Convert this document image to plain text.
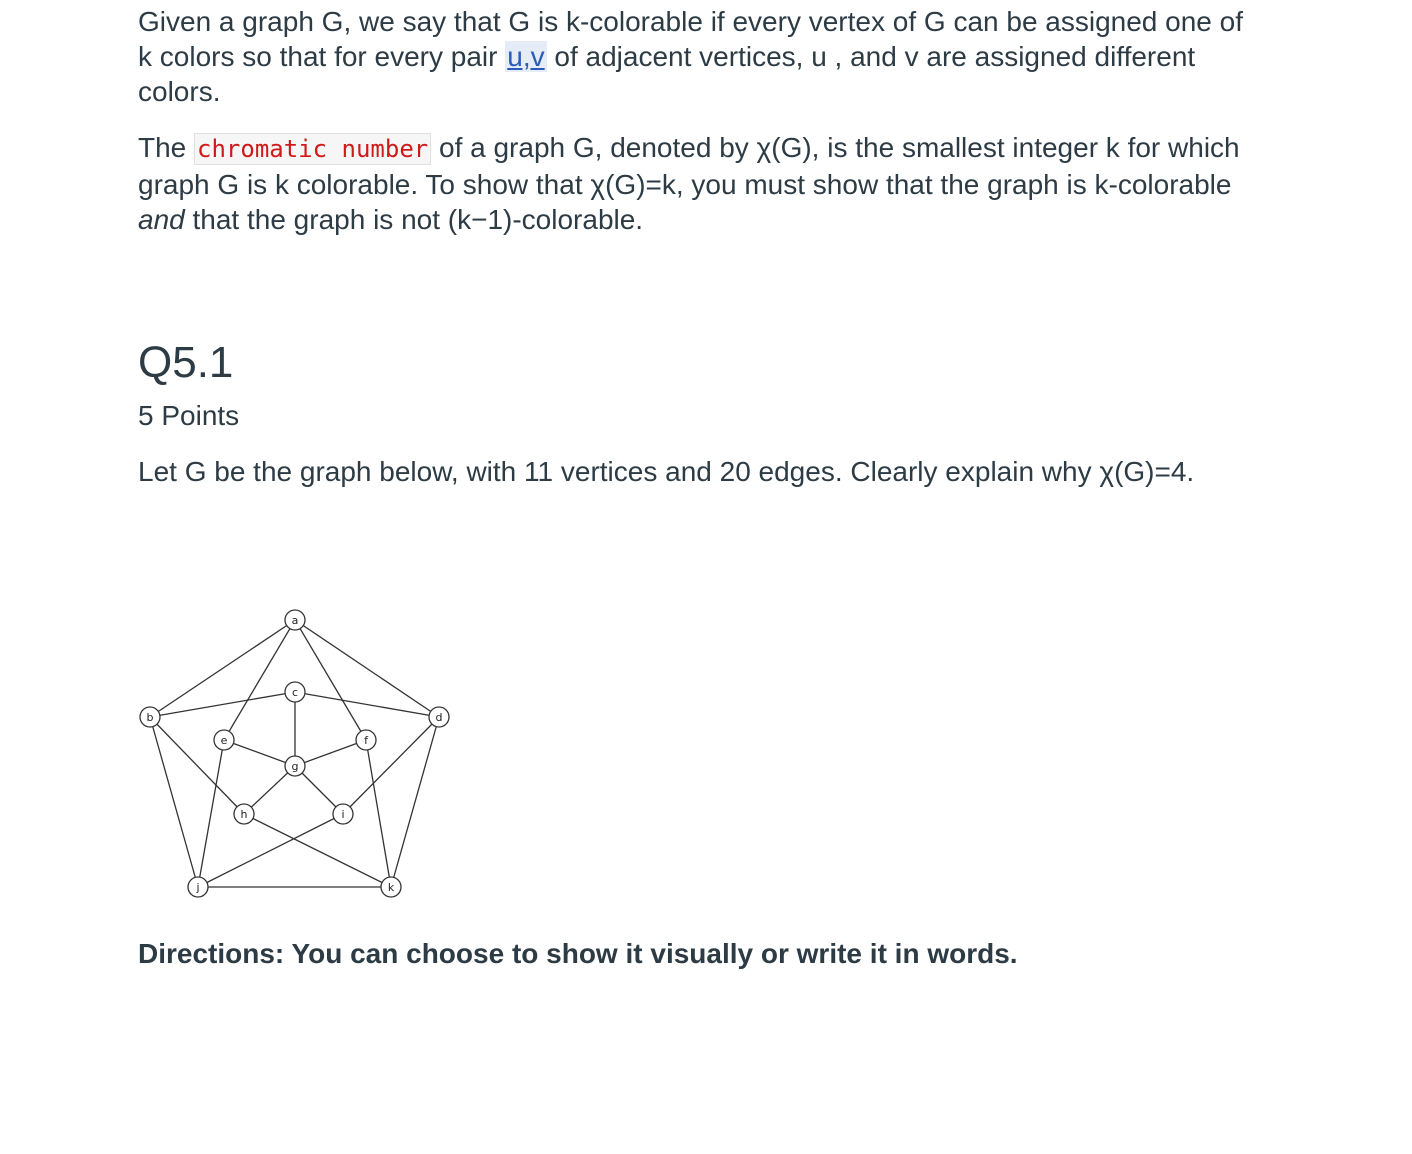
Given a graph G, we say that G is k-colorable if every vertex of G can be assigned one of k colors so that for every pair u,v of adjacent vertices, u , and v are assigned different colors.

The chromatic number of a graph G, denoted by χ(G), is the smallest integer k for which graph G is k colorable. To show that χ(G)=k, you must show that the graph is k-colorable and that the graph is not (k−1)-colorable.

Q5.1
5 Points
Let G be the graph below, with 11 vertices and 20 edges. Clearly explain why χ(G)=4.
Directions: You can choose to show it visually or write it in words.
a
b
c
d
e	f
g
h	i
j	k
